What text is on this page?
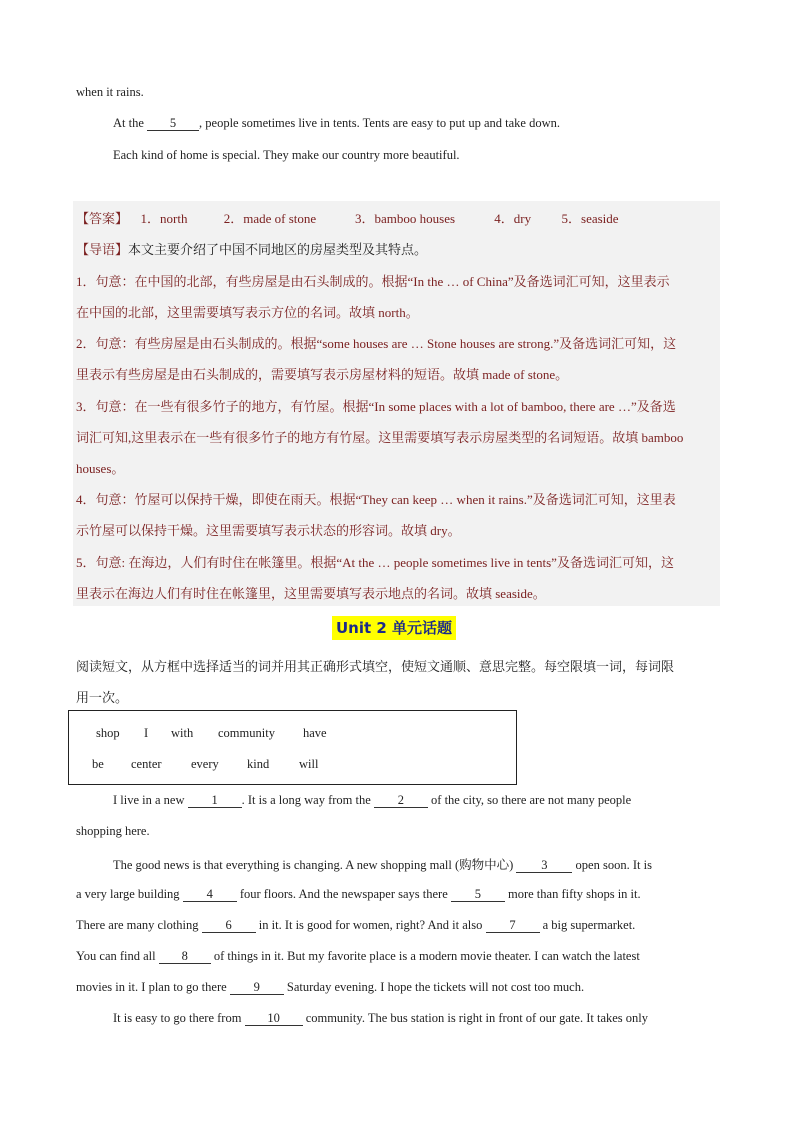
when it rains.
At the 5 , people sometimes live in tents. Tents are easy to put up and take down.
Each kind of home is special. They make our country more beautiful.
【答案】 1．north	2．made of stone	3．bamboo houses	4．dry 5．seaside
【导语】本文主要介绍了中国不同地区的房屋类型及其特点。
1．句意：在中国的北部，有些房屋是由石头制成的。根据“In the … of China”及备选词汇可知，这里表示
在中国的北部，这里需要填写表示方位的名词。故填 north。
2．句意：有些房屋是由石头制成的。根据“some houses are … Stone houses are strong.”及备选词汇可知，这
里表示有些房屋是由石头制成的，需要填写表示房屋材料的短语。故填 made of stone。
3．句意：在一些有很多竹子的地方，有竹屋。根据“In some places with a lot of bamboo, there are …”及备选
词汇可知,这里表示在一些有很多竹子的地方有竹屋。这里需要填写表示房屋类型的名词短语。故填 bamboo
houses。
4．句意：竹屋可以保持干燥，即使在雨天。根据“They can keep … when it rains.”及备选词汇可知，这里表
示竹屋可以保持干燥。这里需要填写表示状态的形容词。故填 dry。
5．句意: 在海边，人们有时住在帐篷里。根据“At the … people sometimes live in tents”及备选词汇可知，这
里表示在海边人们有时住在帐篷里，这里需要填写表示地点的名词。故填 seaside。
Unit 2 单元话题
阅读短文，从方框中选择适当的词并用其正确形式填空，使短文通顺、意思完整。每空限填一词，每词限
用一次。
shop I with community have
be center every kind will
I live in a new 1 . It is a long way from the 2 of the city, so there are not many people
shopping here.
The good news is that everything is changing. A new shopping mall (购物中心) 3 open soon. It is
a very large building 4 four floors. And the newspaper says there 5 more than fifty shops in it.
There are many clothing 6 in it. It is good for women, right? And it also 7 a big supermarket.
You can find all 8 of things in it. But my favorite place is a modern movie theater. I can watch the latest
movies in it. I plan to go there 9 Saturday evening. I hope the tickets will not cost too much.
It is easy to go there from 10 community. The bus station is right in front of our gate. It takes only
